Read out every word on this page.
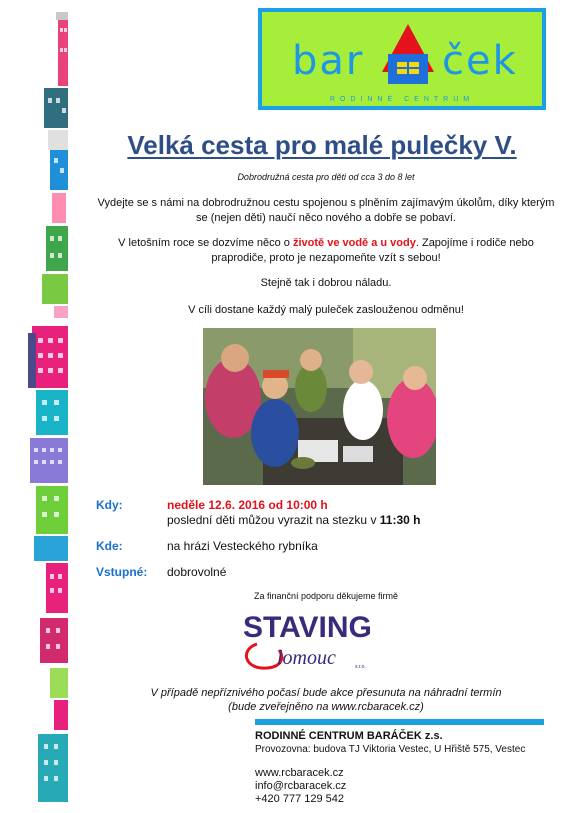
bar ček
RODINNÉ CENTRUM
Velká cesta pro malé pulečky V.
Dobrodružná cesta pro děti od cca 3 do 8 let

Vydejte se s námi na dobrodružnou cestu spojenou s plněním zajímavým úkolům, díky kterým se (nejen děti) naučí něco nového a dobře se pobaví.

V letošním roce se dozvíme něco o životě ve vodě a u vody. Zapojíme i rodiče nebo praprodiče, proto je nezapomeňte vzít s sebou!

Stejně tak i dobrou náladu.

V cíli dostane každý malý puleček zaslouženou odměnu!

Kdy:	neděle 12.6. 2016 od 10:00 h
poslední děti můžou vyrazit na stezku v 11:30 h
Kde:	na hrázi Vesteckého rybníka
Vstupné: dobrovolné
Za finanční podporu děkujeme firmě
STAVING
lomouc	s.r.o.
V případě nepříznivého počasí bude akce přesunuta na náhradní termín
(bude zveřejněno na www.rcbaracek.cz)
RODINNÉ CENTRUM BARÁČEK z.s.
Provozovna: budova TJ Viktoria Vestec, U Hřiště 575, Vestec
www.rcbaracek.cz
info@rcbaracek.cz
+420 777 129 542
